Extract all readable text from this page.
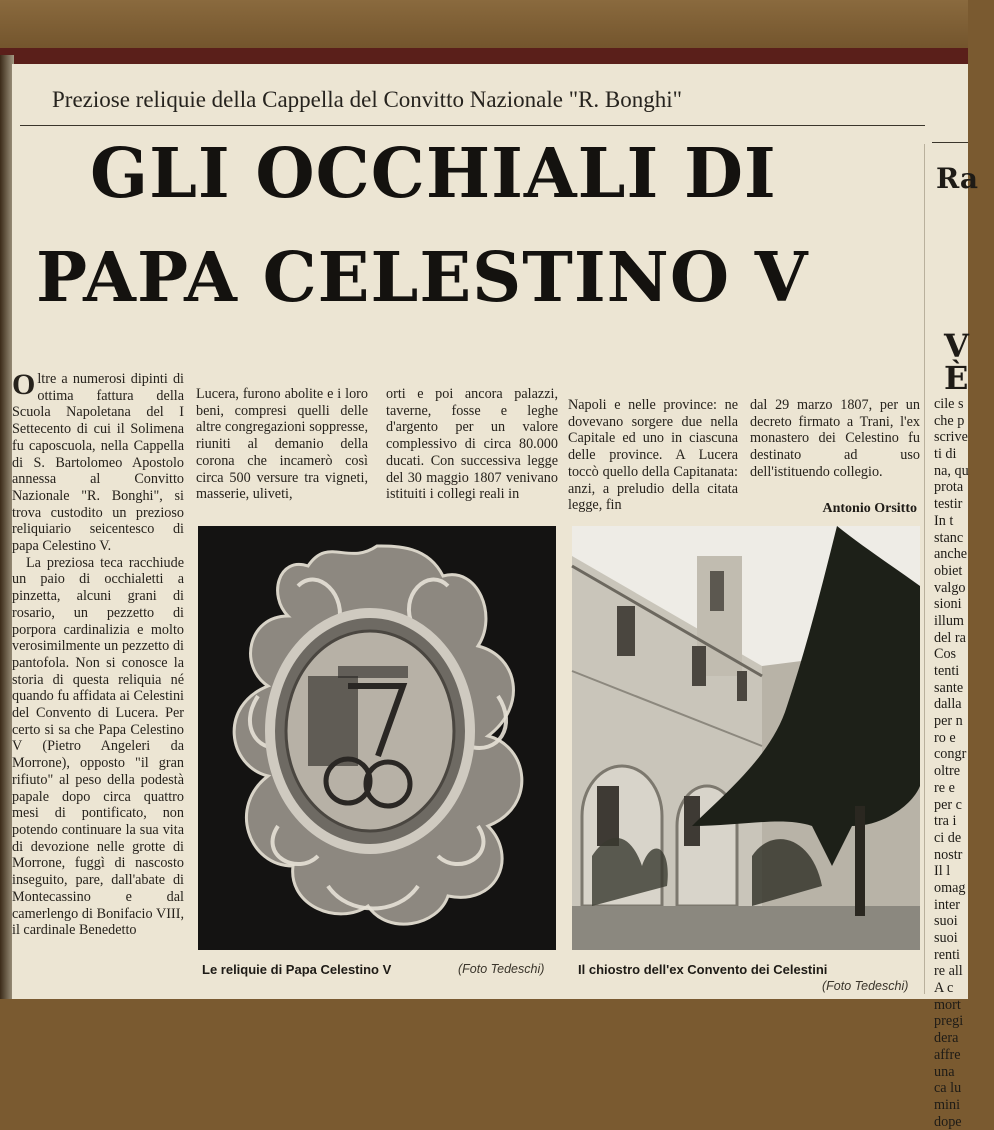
Preziose reliquie della Cappella del Convitto Nazionale "R. Bonghi"
GLI OCCHIALI DI
PAPA CELESTINO V

Oltre a numerosi dipinti di ottima fattura della Scuola Napoletana del I Settecento di cui il Solimena fu caposcuola, nella Cappella di S. Bartolomeo Apostolo annessa al Convitto Nazionale "R. Bonghi", si trova custodito un prezioso reliquiario seicentesco di papa Celestino V.

La preziosa teca racchiude un paio di occhialetti a pinzetta, alcuni grani di rosario, un pezzetto di porpora cardinalizia e molto verosimilmente un pezzetto di pantofola. Non si conosce la storia di questa reliquia né quando fu affidata ai Celestini del Convento di Lucera. Per certo si sa che Papa Celestino V (Pietro Angeleri da Morrone), opposto "il gran rifiuto" al peso della podestà papale dopo circa quattro mesi di pontificato, non potendo continuare la sua vita di devozione nelle grotte di Morrone, fuggì di nascosto inseguito, pare, dall'abate di Montecassino e dal camerlengo di Bonifacio VIII, il cardinale Benedetto

Lucera, furono abolite e i loro beni, compresi quelli delle altre congregazioni soppresse, riuniti al demanio della corona che incamerò così circa 500 versure tra vigneti, masserie, uliveti,
orti e poi ancora palazzi, taverne, fosse e leghe d'argento per un valore complessivo di circa 80.000 ducati. Con successiva legge del 30 maggio 1807 venivano istituiti i collegi reali in
Napoli e nelle province: ne dovevano sorgere due nella Capitale ed uno in ciascuna delle province. A Lucera toccò quello della Capitanata: anzi, a preludio della citata legge, fin
dal 29 marzo 1807, per un decreto firmato a Trani, l'ex monastero dei Celestino fu destinato ad uso dell'istituendo collegio.
Antonio Orsitto
Le reliquie di Papa Celestino V	(Foto Tedeschi)	Il chiostro dell'ex Convento dei Celestini
(Foto Tedeschi)
Ra
V
È
cile s
che p
scrive
ti di
na, qu
prota
testir
In t
stanc
anche
obiet
valgo
sioni
illum
del ra
Cos
tenti
sante
dalla
per n
ro e
congr
oltre
re e
per c
tra i
ci de
nostr
Il l
omag
inter
suoi
suoi
renti
re all
A c
mort
pregi
dera
affre
una
ca lu
mini
dope
